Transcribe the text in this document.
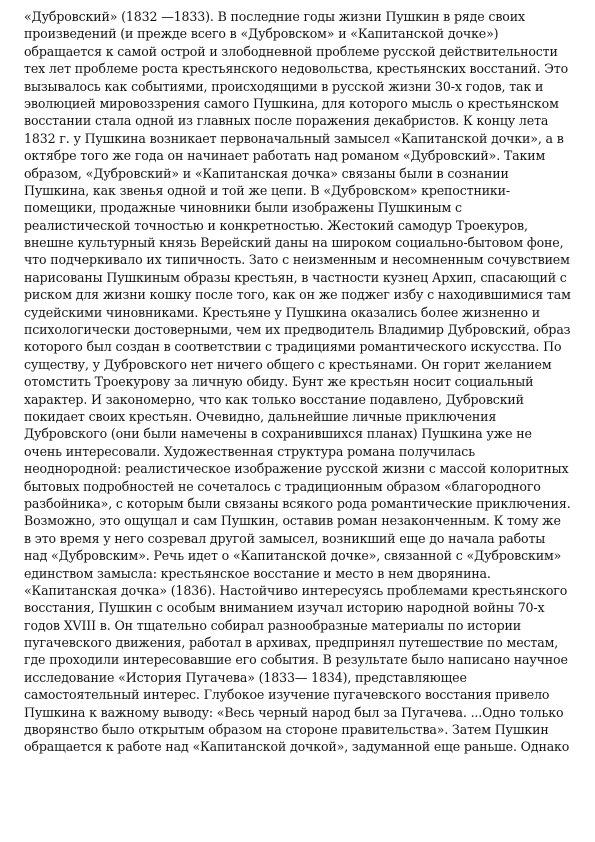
«Дубровский» (1832 —1833). В последние годы жизни Пушкин в ряде своих
произведений (и прежде всего в «Дубровском» и «Капитанской дочке»)
обращается к самой острой и злободневной проблеме русской действительности
тех лет проблеме роста крестьянского недовольства, крестьянских восстаний. Это
вызывалось как событиями, происходящими в русской жизни 30-х годов, так и
эволюцией мировоззрения самого Пушкина, для которого мысль о крестьянском
восстании стала одной из главных после поражения декабристов. К концу лета
1832 г. у Пушкина возникает первоначальный замысел «Капитанской дочки», а в
октябре того же года он начинает работать над романом «Дубровский». Таким
образом, «Дубровский» и «Капитанская дочка» связаны были в сознании
Пушкина, как звенья одной и той же цепи. В «Дубровском» крепостники-
помещики, продажные чиновники были изображены Пушкиным с
реалистической точностью и конкретностью. Жестокий самодур Троекуров,
внешне культурный князь Верейский даны на широком социально-бытовом фоне,
что подчеркивало их типичность. Зато с неизменным и несомненным сочувствием
нарисованы Пушкиным образы крестьян, в частности кузнец Архип, спасающий с
риском для жизни кошку после того, как он же поджег избу с находившимися там
судейскими чиновниками. Крестьяне у Пушкина оказались более жизненно и
психологически достоверными, чем их предводитель Владимир Дубровский, образ
которого был создан в соответствии с традициями романтического искусства. По
существу, у Дубровского нет ничего общего с крестьянами. Он горит желанием
отомстить Троекурову за личную обиду. Бунт же крестьян носит социальный
характер. И закономерно, что как только восстание подавлено, Дубровский
покидает своих крестьян. Очевидно, дальнейшие личные приключения
Дубровского (они были намечены в сохранившихся планах) Пушкина уже не
очень интересовали. Художественная структура романа получилась
неоднородной: реалистическое изображение русской жизни с массой колоритных
бытовых подробностей не сочеталось с традиционным образом «благородного
разбойника», с которым были связаны всякого рода романтические приключения.
Возможно, это ощущал и сам Пушкин, оставив роман незаконченным. К тому же
в это время у него созревал другой замысел, возникший еще до начала работы
над «Дубровским». Речь идет о «Капитанской дочке», связанной с «Дубровским»
единством замысла: крестьянское восстание и место в нем дворянина.
«Капитанская дочка» (1836). Настойчиво интересуясь проблемами крестьянского
восстания, Пушкин с особым вниманием изучал историю народной войны 70-х
годов XVIII в. Он тщательно собирал разнообразные материалы по истории
пугачевского движения, работал в архивах, предпринял путешествие по местам,
где проходили интересовавшие его события. В результате было написано научное
исследование «История Пугачева» (1833— 1834), представляющее
самостоятельный интерес. Глубокое изучение пугачевского восстания привело
Пушкина к важному выводу: «Весь черный народ был за Пугачева. ...Одно только
дворянство было открытым образом на стороне правительства». Затем Пушкин
обращается к работе над «Капитанской дочкой», задуманной еще раньше. Однако
